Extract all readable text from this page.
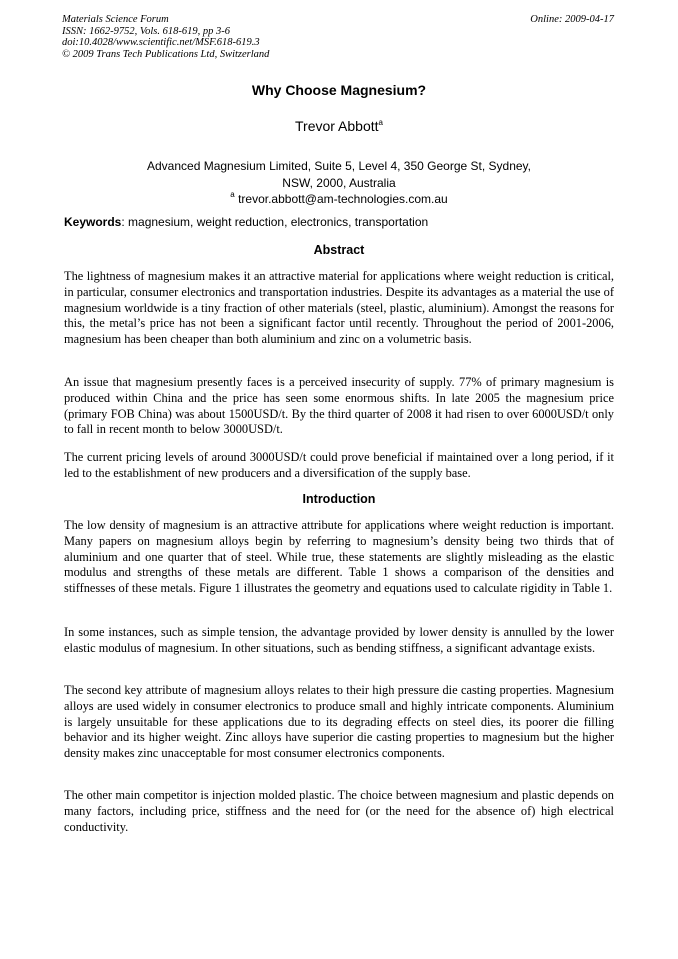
Materials Science Forum
ISSN: 1662-9752, Vols. 618-619, pp 3-6
doi:10.4028/www.scientific.net/MSF.618-619.3
© 2009 Trans Tech Publications Ltd, Switzerland
Online: 2009-04-17
Why Choose Magnesium?
Trevor Abbott$^a$
Advanced Magnesium Limited, Suite 5, Level 4, 350 George St, Sydney,
NSW, 2000, Australia
$^a$ trevor.abbott@am-technologies.com.au
Keywords: magnesium, weight reduction, electronics, transportation
Abstract

The lightness of magnesium makes it an attractive material for applications where weight reduction is critical, in particular, consumer electronics and transportation industries. Despite its advantages as a material the use of magnesium worldwide is a tiny fraction of other materials (steel, plastic, aluminium). Amongst the reasons for this, the metal’s price has not been a significant factor until recently. Throughout the period of 2001-2006, magnesium has been cheaper than both aluminium and zinc on a volumetric basis.

An issue that magnesium presently faces is a perceived insecurity of supply. 77% of primary magnesium is produced within China and the price has seen some enormous shifts. In late 2005 the magnesium price (primary FOB China) was about 1500USD/t. By the third quarter of 2008 it had risen to over 6000USD/t only to fall in recent month to below 3000USD/t.

The current pricing levels of around 3000USD/t could prove beneficial if maintained over a long period, if it led to the establishment of new producers and a diversification of the supply base.

Introduction

The low density of magnesium is an attractive attribute for applications where weight reduction is important. Many papers on magnesium alloys begin by referring to magnesium’s density being two thirds that of aluminium and one quarter that of steel. While true, these statements are slightly misleading as the elastic modulus and strengths of these metals are different. Table 1 shows a comparison of the densities and stiffnesses of these metals. Figure 1 illustrates the geometry and equations used to calculate rigidity in Table 1.

In some instances, such as simple tension, the advantage provided by lower density is annulled by the lower elastic modulus of magnesium. In other situations, such as bending stiffness, a significant advantage exists.

The second key attribute of magnesium alloys relates to their high pressure die casting properties. Magnesium alloys are used widely in consumer electronics to produce small and highly intricate components. Aluminium is largely unsuitable for these applications due to its degrading effects on steel dies, its poorer die filling behavior and its higher weight. Zinc alloys have superior die casting properties to magnesium but the higher density makes zinc unacceptable for most consumer electronics components.

The other main competitor is injection molded plastic. The choice between magnesium and plastic depends on many factors, including price, stiffness and the need for (or the need for the absence of) high electrical conductivity.
